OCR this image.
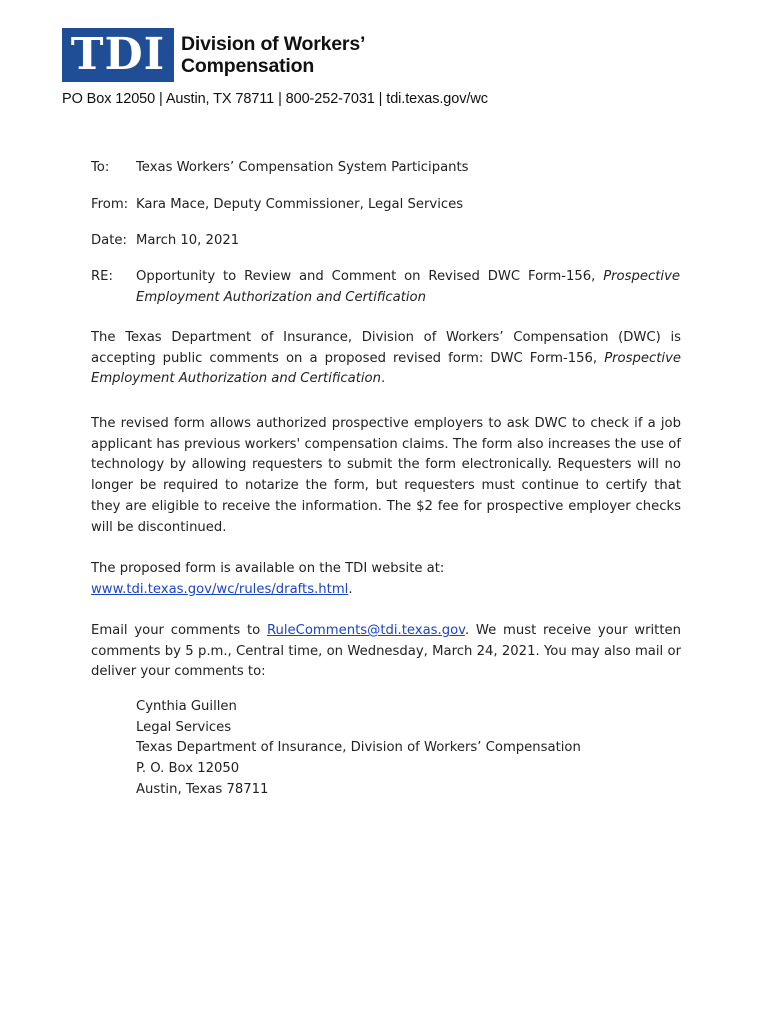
TDI Division of Workers’
Compensation
PO Box 12050 | Austin, TX 78711 | 800-252-7031 | tdi.texas.gov/wc
To: Texas Workers’ Compensation System Participants
From: Kara Mace, Deputy Commissioner, Legal Services
Date: March 10, 2021
RE: Opportunity to Review and Comment on Revised DWC Form-156, Prospective Employment Authorization and Certification

The Texas Department of Insurance, Division of Workers’ Compensation (DWC) is accepting public comments on a proposed revised form: DWC Form-156, Prospective Employment Authorization and Certification.

The revised form allows authorized prospective employers to ask DWC to check if a job applicant has previous workers' compensation claims. The form also increases the use of technology by allowing requesters to submit the form electronically. Requesters will no longer be required to notarize the form, but requesters must continue to certify that they are eligible to receive the information. The $2 fee for prospective employer checks will be discontinued.

The proposed form is available on the TDI website at:
www.tdi.texas.gov/wc/rules/drafts.html.

Email your comments to RuleComments@tdi.texas.gov. We must receive your written comments by 5 p.m., Central time, on Wednesday, March 24, 2021. You may also mail or deliver your comments to:

Cynthia Guillen
Legal Services
Texas Department of Insurance, Division of Workers’ Compensation
P. O. Box 12050
Austin, Texas 78711
